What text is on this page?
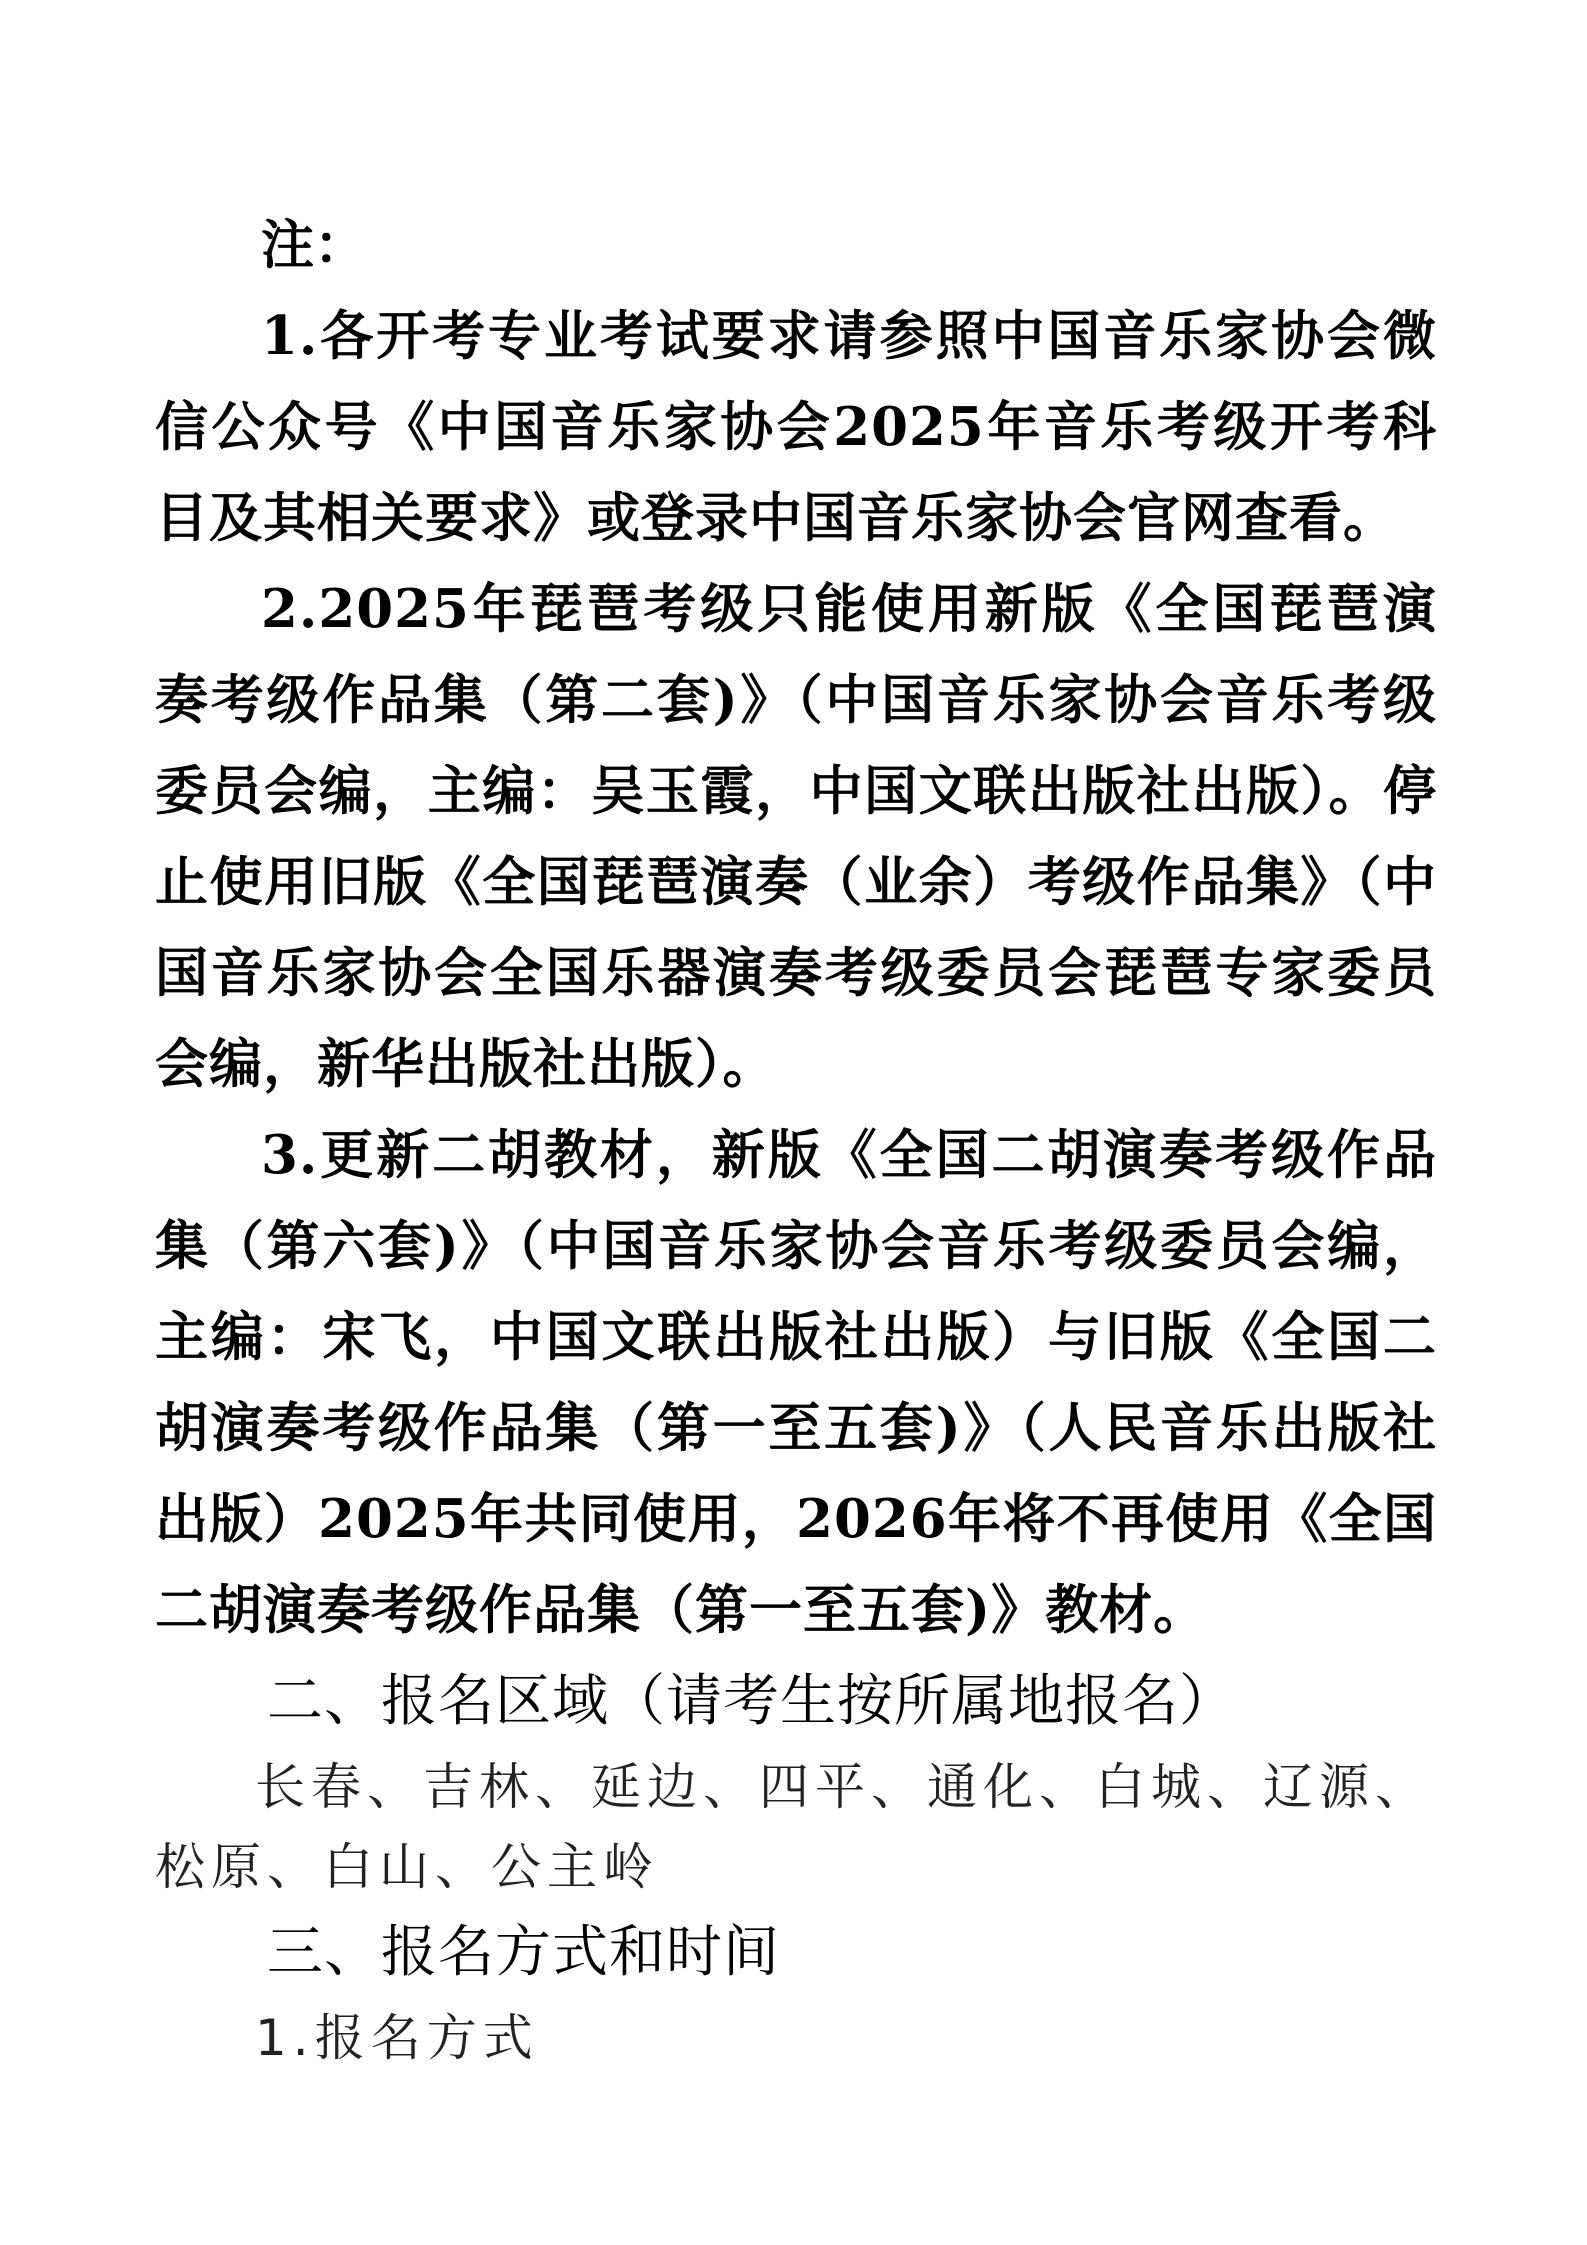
注：

1.各开考专业考试要求请参照中国音乐家协会微信公众号《中国音乐家协会2025年音乐考级开考科目及其相关要求》或登录中国音乐家协会官网查看。

2.2025年琵琶考级只能使用新版《全国琵琶演奏考级作品集（第二套)》（中国音乐家协会音乐考级委员会编，主编：吴玉霞，中国文联出版社出版）。停止使用旧版《全国琵琶演奏（业余）考级作品集》（中国音乐家协会全国乐器演奏考级委员会琵琶专家委员会编，新华出版社出版）。

3.更新二胡教材，新版《全国二胡演奏考级作品集（第六套)》（中国音乐家协会音乐考级委员会编，主编：宋飞，中国文联出版社出版）与旧版《全国二胡演奏考级作品集（第一至五套)》（人民音乐出版社出版）2025年共同使用，2026年将不再使用《全国二胡演奏考级作品集（第一至五套)》教材。

二、报名区域（请考生按所属地报名）

长春、吉林、延边、四平、通化、白城、辽源、松原、白山、公主岭

三、报名方式和时间

1.报名方式
